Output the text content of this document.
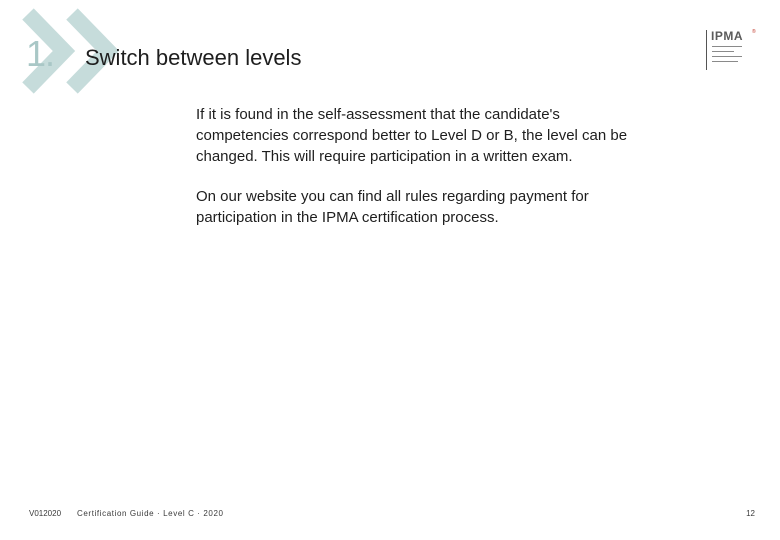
1. Switch between levels
IPMA ®

If it is found in the self-assessment that the candidate's competencies correspond better to Level D or B, the level can be changed. This will require participation in a written exam.

On our website you can find all rules regarding payment for participation in the IPMA certification process.

V012020 Certification Guide · Level C · 2020	12
